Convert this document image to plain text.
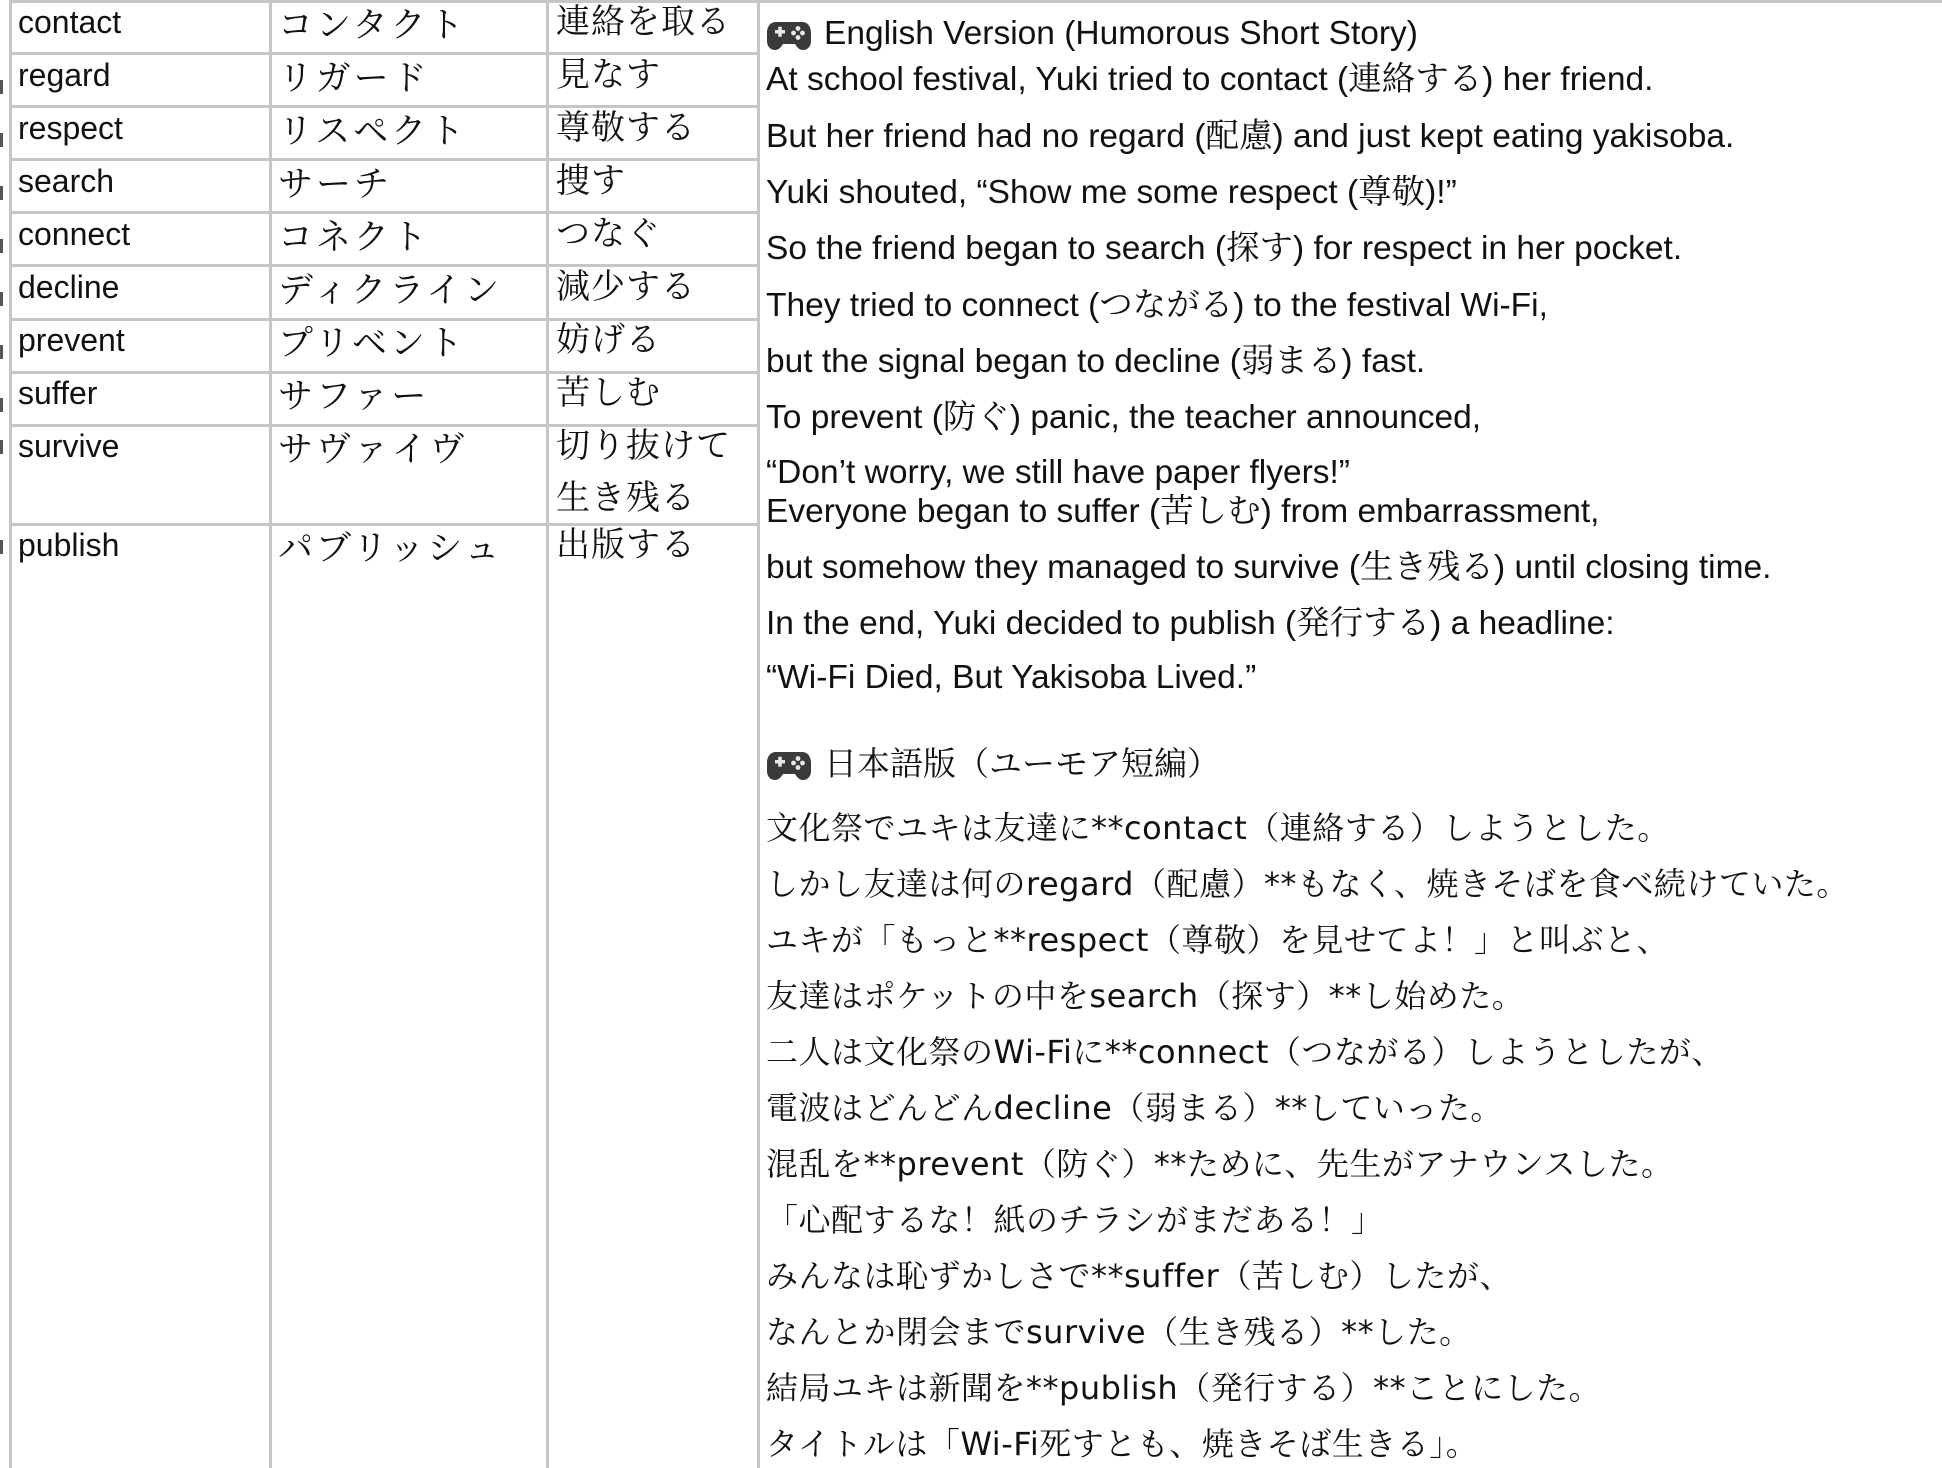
contact	コンタクト	連絡を取る
regard	リガード	見なす
respect	リスペクト	尊敬する
search	サーチ	捜す
connect	コネクト	つなぐ
decline	ディクライン 減少する
prevent	プリベント	妨げる
suffer	サファー	苦しむ
survive	サヴァイヴ	切り抜けて
生き残る
publish	パブリッシュ 出版する
English Version (Humorous Short Story)
At school festival, Yuki tried to contact (連絡する) her friend.
But her friend had no regard (配慮) and just kept eating yakisoba.
Yuki shouted, “Show me some respect (尊敬)!”
So the friend began to search (探す) for respect in her pocket.
They tried to connect (つながる) to the festival Wi-Fi,
but the signal began to decline (弱まる) fast.
To prevent (防ぐ) panic, the teacher announced,
“Don’t worry, we still have paper flyers!”
Everyone began to suffer (苦しむ) from embarrassment,
but somehow they managed to survive (生き残る) until closing time.
In the end, Yuki decided to publish (発行する) a headline:
“Wi-Fi Died, But Yakisoba Lived.”
日本語版（ユーモア短編）
文化祭でユキは友達に**contact（連絡する）しようとした。
しかし友達は何のregard（配慮）**もなく、焼きそばを食べ続けていた。
ユキが「もっと**respect（尊敬）を見せてよ！」と叫ぶと、
友達はポケットの中をsearch（探す）**し始めた。
二人は文化祭のWi-Fiに**connect（つながる）しようとしたが、
電波はどんどんdecline（弱まる）**していった。
混乱を**prevent（防ぐ）**ために、先生がアナウンスした。
「心配するな！紙のチラシがまだある！」
みんなは恥ずかしさで**suffer（苦しむ）したが、
なんとか閉会までsurvive（生き残る）**した。
結局ユキは新聞を**publish（発行する）**ことにした。
タイトルは「Wi-Fi死すとも、焼きそば生きる」。
